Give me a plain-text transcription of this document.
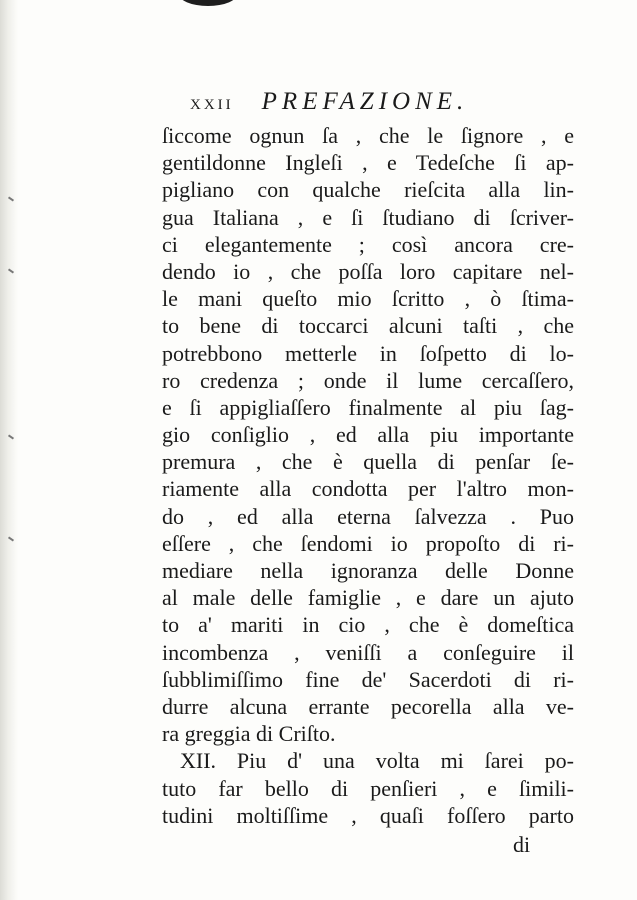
xxii PREFAZIONE.
ſiccome ognun ſa , che le ſignore , e
gentildonne Ingleſi , e Tedeſche ſi ap-
pigliano con qualche rieſcita alla lin-
gua Italiana , e ſi ſtudiano di ſcriver-
ci elegantemente ; così ancora cre-
dendo io , che poſſa loro capitare nel-
le mani queſto mio ſcritto , ò ſtima-
to bene di toccarci alcuni taſti , che
potrebbono metterle in ſoſpetto di lo-
ro credenza ; onde il lume cercaſſero,
e ſi appigliaſſero finalmente al piu ſag-
gio conſiglio , ed alla piu importante
premura , che è quella di penſar ſe-
riamente alla condotta per l'altro mon-
do , ed alla eterna ſalvezza . Puo
eſſere , che ſendomi io propoſto di ri-
mediare nella ignoranza delle Donne
al male delle famiglie , e dare un ajuto
to a' mariti in cio , che è domeſtica
incombenza , veniſſi a conſeguire il
ſubblimiſſimo fine de' Sacerdoti di ri-
durre alcuna errante pecorella alla ve-
ra greggia di Criſto.
XII. Piu d' una volta mi ſarei po-
tuto far bello di penſieri , e ſimili-
tudini moltiſſime , quaſi foſſero parto
di
